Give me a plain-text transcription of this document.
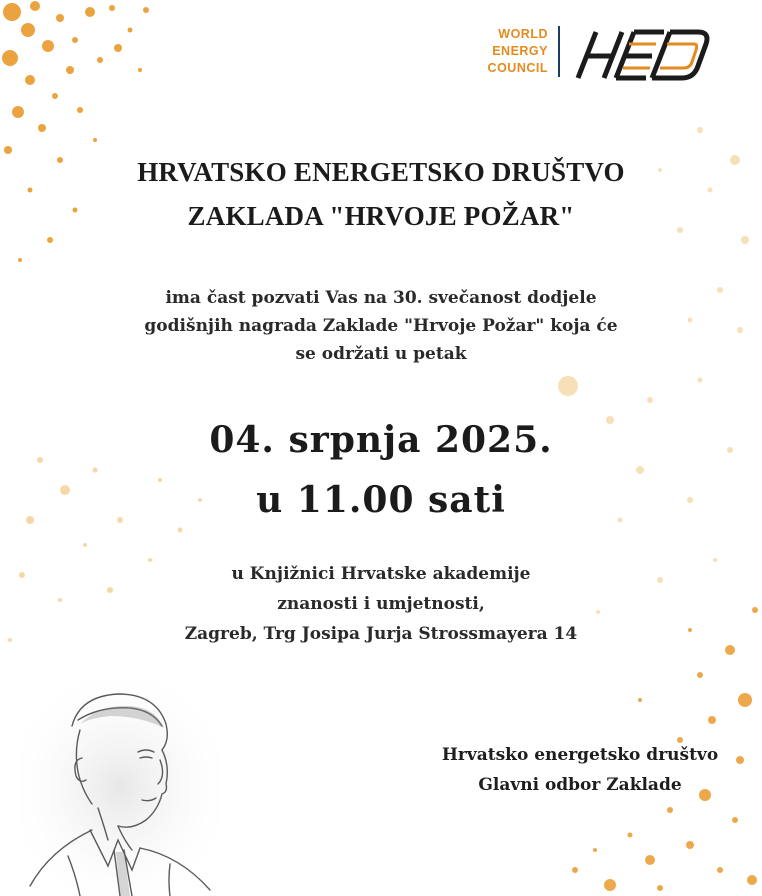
WORLD
ENERGY
COUNCIL
HRVATSKO ENERGETSKO DRUŠTVO
ZAKLADA "HRVOJE POŽAR"
ima čast pozvati Vas na 30. svečanost dodjele
godišnjih nagrada Zaklade "Hrvoje Požar" koja će
se održati u petak
04. srpnja 2025.
u 11.00 sati
u Knjižnici Hrvatske akademije
znanosti i umjetnosti,
Zagreb, Trg Josipa Jurja Strossmayera 14
Hrvatsko energetsko društvo
Glavni odbor Zaklade
